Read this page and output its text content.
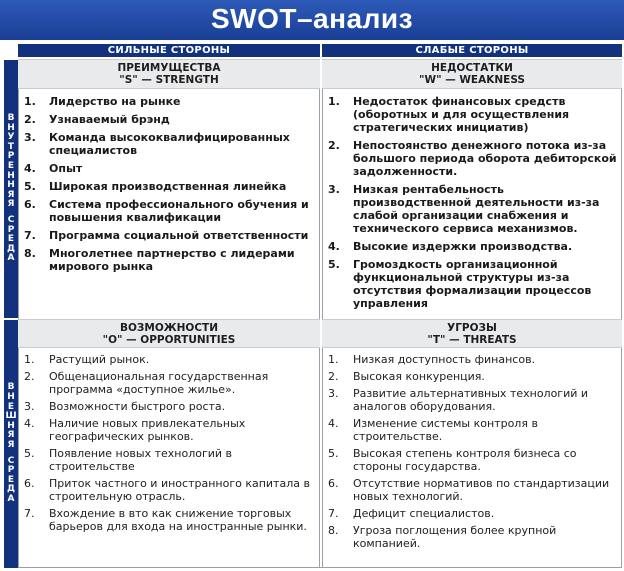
SWOT–анализ
СИЛЬНЫЕ СТОРОНЫ	СЛАБЫЕ СТОРОНЫ
В
Н
У
Т
Р
Е
Н
Н
Я
Я
С
Р
Е
Д
А
В
Н
Е
Ш
Н
Я
Я
С
Р
Е
Д
А
ПРЕИМУЩЕСТВА
"S" — STRENGTH
НЕДОСТАТКИ
"W" — WEAKNESS
1 .	Лидерство на рынке
2 .	Узнаваемый брэнд
3 .	Команда высококвалифицированных специалистов
4 .	Опыт
5 .	Широкая производственная линейка
6 .	Система профессионального обучения и повышения квалификации
7 .	Программа социальной ответственности
8 .	Многолетнее партнерство с лидерами мирового рынка
1 .	Недостаток финансовых средств (оборотных и для осуществления стратегических инициатив)
2 .	Непостоянство денежного потока из-за большого периода оборота дебиторской задолженности.
3 .	Низкая рентабельность производственной деятельности из-за слабой организации снабжения и технического сервиса механизмов.
4 .	Высокие издержки производства.
5 .	Громоздкость организационной функциональной структуры из-за отсутствия формализации процессов управления
ВОЗМОЖНОСТИ
"O" — OPPORTUNITIES
УГРОЗЫ
"T" — THREATS
1 .	Растущий рынок.
2 .	Общенациональная государственная программа «доступное жилье».
3 .	Возможности быстрого роста.
4 .	Наличие новых привлекательных географических рынков.
5 .	Появление новых технологий в строительстве
6 .	Приток частного и иностранного капитала в строительную отрасль.
7 .	Вхождение в вто как снижение торговых барьеров для входа на иностранные рынки.
1 .	Низкая доступность финансов.
2 .	Высокая конкуренция.
3 .	Развитие альтернативных технологий и аналогов оборудования.
4 .	Изменение системы контроля в строительстве.
5 .	Высокая степень контроля бизнеса со стороны государства.
6 .	Отсутствие нормативов по стандартизации новых технологий.
7 .	Дефицит специалистов.
8 .	Угроза поглощения более крупной компанией.
